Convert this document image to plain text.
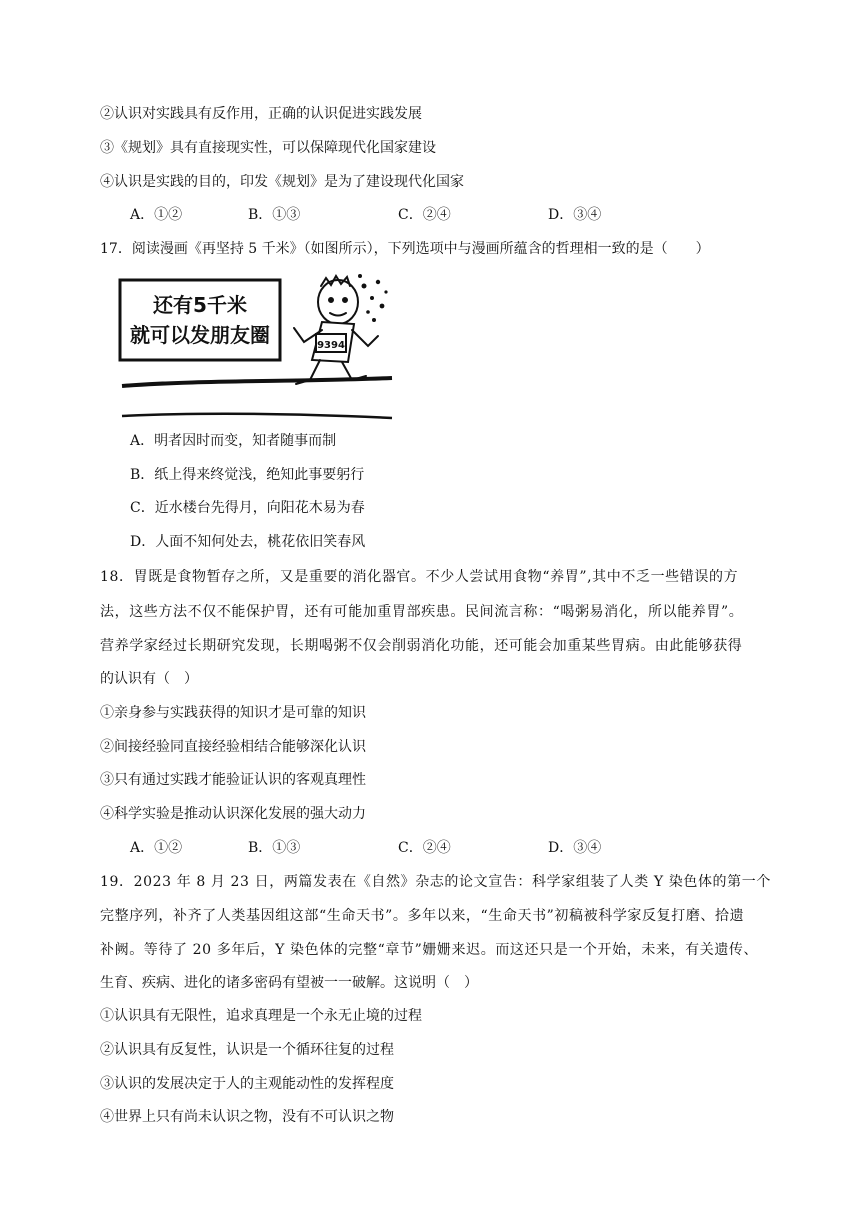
②认识对实践具有反作用，正确的认识促进实践发展
③《规划》具有直接现实性，可以保障现代化国家建设
④认识是实践的目的，印发《规划》是为了建设现代化国家
A．①②	B．①③	C．②④	D．③④
17．阅读漫画《再坚持 5 千米》（如图所示），下列选项中与漫画所蕴含的哲理相一致的是（　　）
还有5千米
就可以发朋友圈	9394
A．明者因时而变，知者随事而制
B．纸上得来终觉浅，绝知此事要躬行
C．近水楼台先得月，向阳花木易为春
D．人面不知何处去，桃花依旧笑春风
18．胃既是食物暂存之所，又是重要的消化器官。不少人尝试用食物“养胃”,其中不乏一些错误的方
法，这些方法不仅不能保护胃，还有可能加重胃部疾患。民间流言称：“喝粥易消化，所以能养胃”。
营养学家经过长期研究发现，长期喝粥不仅会削弱消化功能，还可能会加重某些胃病。由此能够获得
的认识有（　）
①亲身参与实践获得的知识才是可靠的知识
②间接经验同直接经验相结合能够深化认识
③只有通过实践才能验证认识的客观真理性
④科学实验是推动认识深化发展的强大动力
A．①②	B．①③	C．②④	D．③④
19．2023 年 8 月 23 日，两篇发表在《自然》杂志的论文宣告：科学家组装了人类 Y 染色体的第一个
完整序列，补齐了人类基因组这部“生命天书”。多年以来，“生命天书”初稿被科学家反复打磨、拾遗
补阙。等待了 20 多年后，Y 染色体的完整“章节”姗姗来迟。而这还只是一个开始，未来，有关遗传、
生育、疾病、进化的诸多密码有望被一一破解。这说明（　）
①认识具有无限性，追求真理是一个永无止境的过程
②认识具有反复性，认识是一个循环往复的过程
③认识的发展决定于人的主观能动性的发挥程度
④世界上只有尚未认识之物，没有不可认识之物
